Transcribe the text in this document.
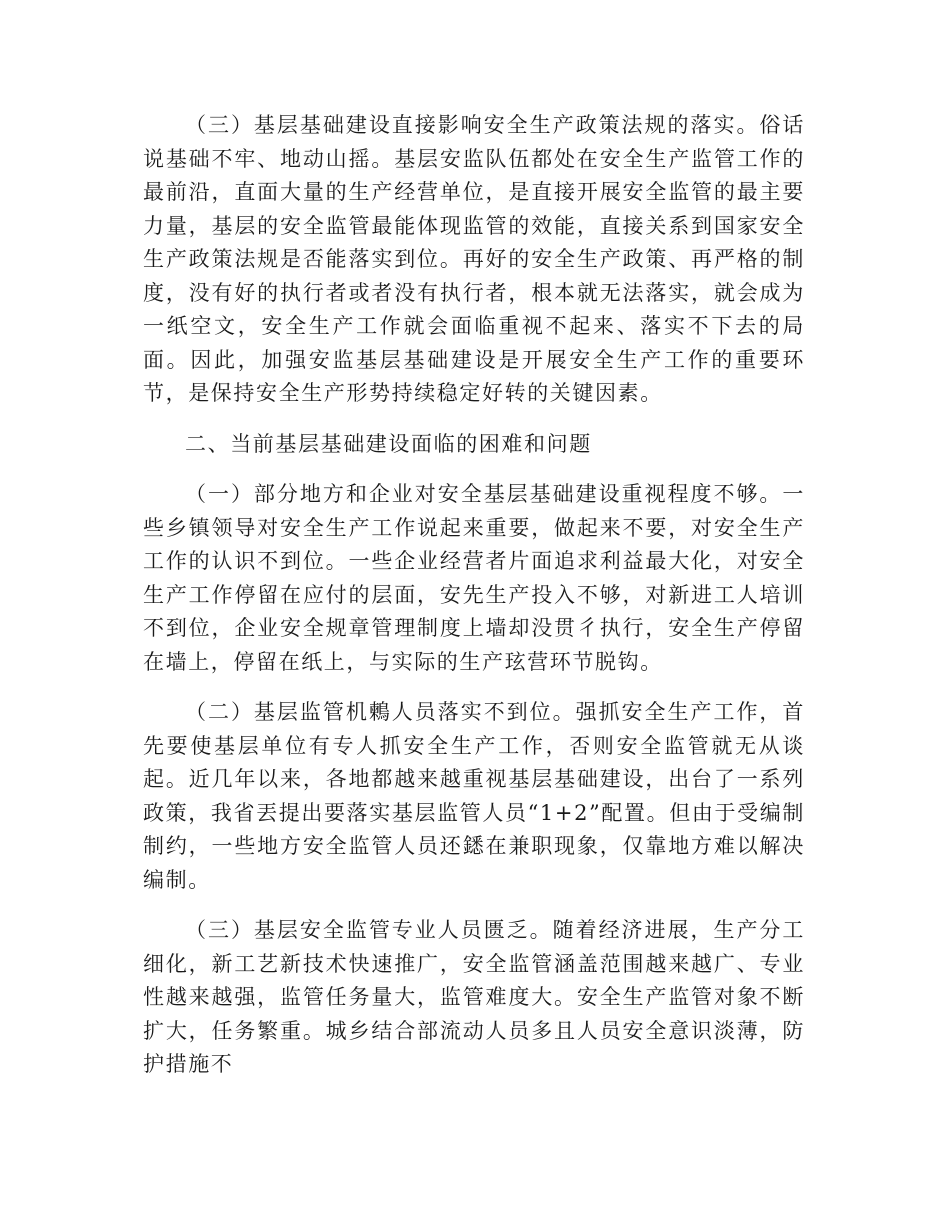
（三）基层基础建设直接影响安全生产政策法规的落实。俗话说基础不牢、地动山摇。基层安监队伍都处在安全生产监管工作的最前沿，直面大量的生产经营单位，是直接开展安全监管的最主要力量，基层的安全监管最能体现监管的效能，直接关系到国家安全生产政策法规是否能落实到位。再好的安全生产政策、再严格的制度，没有好的执行者或者没有执行者，根本就无法落实，就会成为一纸空文，安全生产工作就会面临重视不起来、落实不下去的局面。因此，加强安监基层基础建设是开展安全生产工作的重要环节，是保持安全生产形势持续稳定好转的关键因素。

二、当前基层基础建设面临的困难和问题

（一）部分地方和企业对安全基层基础建设重视程度不够。一些乡镇领导对安全生产工作说起来重要，做起来不要，对安全生产工作的认识不到位。一些企业经营者片面追求利益最大化，对安全生产工作停留在应付的层面，安先生产投入不够，对新进工人培训不到位，企业安全规章管理制度上墙却没贯彳执行，安全生产停留在墙上，停留在纸上，与实际的生产玹营环节脱钩。

（二）基层监管机鶫人员落实不到位。强抓安全生产工作，首先要使基层单位有专人抓安全生产工作，否则安全监管就无从谈起。近几年以来，各地都越来越重视基层基础建设，出台了一系列政策，我省丟提出要落实基层监管人员“1+2”配置。但由于受编制制约，一些地方安全监管人员还鏭在兼职现象，仅靠地方难以解决编制。

（三）基层安全监管专业人员匮乏。随着经济进展，生产分工细化，新工艺新技术快速推广，安全监管涵盖范围越来越广、专业性越来越强，监管任务量大，监管难度大。安全生产监管对象不断扩大，任务繁重。城乡结合部流动人员多且人员安全意识淡薄，防护措施不
